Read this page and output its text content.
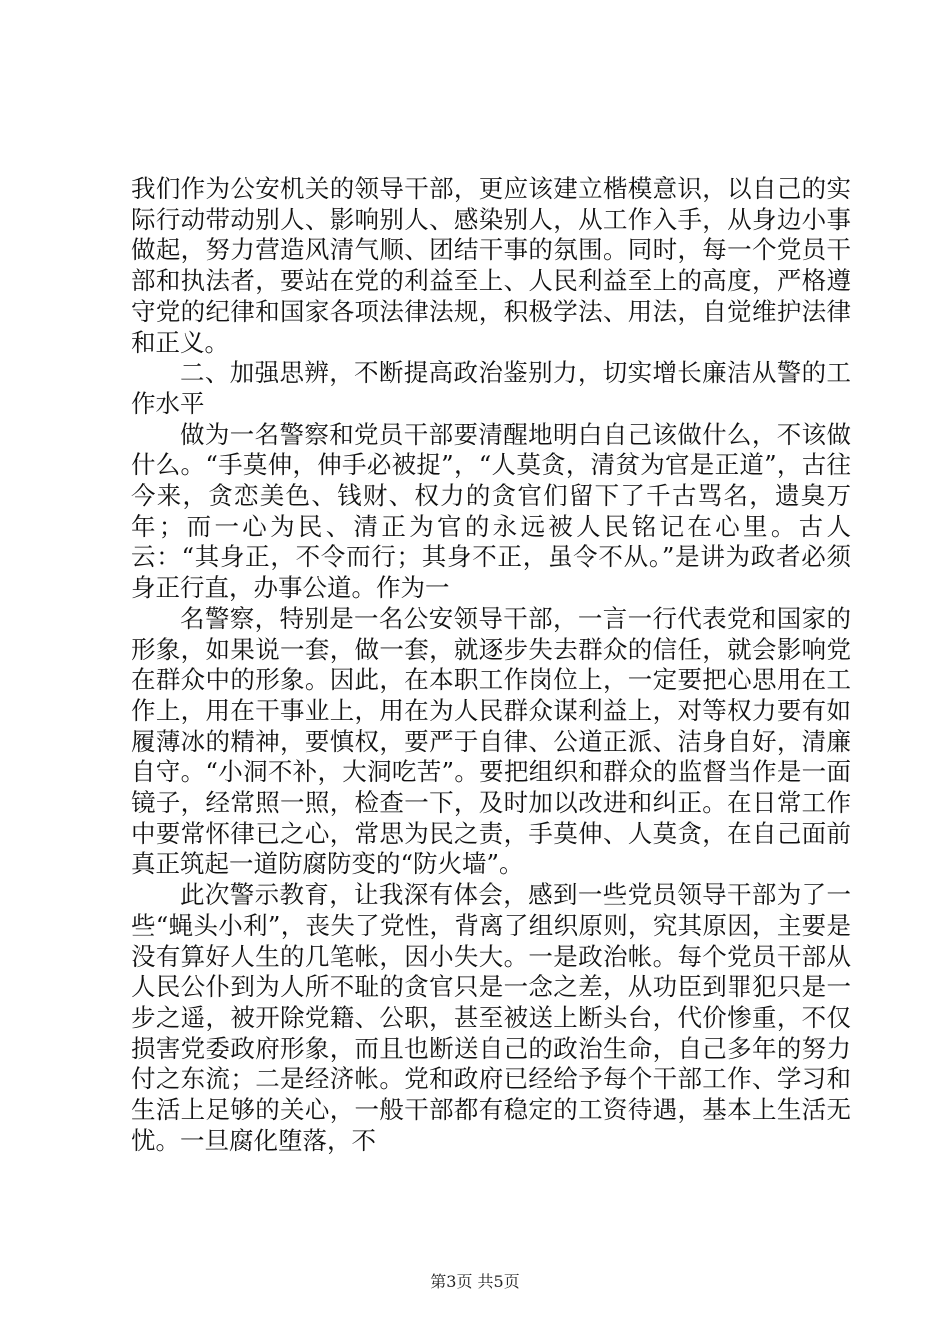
我们作为公安机关的领导干部，更应该建立楷模意识，以自己的实际行动带动别人、影响别人、感染别人，从工作入手，从身边小事做起，努力营造风清气顺、团结干事的氛围。同时，每一个党员干部和执法者，要站在党的利益至上、人民利益至上的高度，严格遵守党的纪律和国家各项法律法规，积极学法、用法，自觉维护法律和正义。

二、加强思辨，不断提高政治鉴别力，切实增长廉洁从警的工作水平

做为一名警察和党员干部要清醒地明白自己该做什么，不该做什么。“手莫伸，伸手必被捉”，“人莫贪，清贫为官是正道”，古往今来，贪恋美色、钱财、权力的贪官们留下了千古骂名，遗臭万年；而一心为民、清正为官的永远被人民铭记在心里。古人云：“其身正，不令而行；其身不正，虽令不从。”是讲为政者必须身正行直，办事公道。作为一

名警察，特别是一名公安领导干部，一言一行代表党和国家的形象，如果说一套，做一套，就逐步失去群众的信任，就会影响党在群众中的形象。因此，在本职工作岗位上，一定要把心思用在工作上，用在干事业上，用在为人民群众谋利益上，对等权力要有如履薄冰的精神，要慎权，要严于自律、公道正派、洁身自好，清廉自守。“小洞不补，大洞吃苦”。要把组织和群众的监督当作是一面镜子，经常照一照，检查一下，及时加以改进和纠正。在日常工作中要常怀律已之心，常思为民之责，手莫伸、人莫贪，在自己面前真正筑起一道防腐防变的“防火墙”。

此次警示教育，让我深有体会，感到一些党员领导干部为了一些“蝇头小利”，丧失了党性，背离了组织原则，究其原因，主要是没有算好人生的几笔帐，因小失大。一是政治帐。每个党员干部从人民公仆到为人所不耻的贪官只是一念之差，从功臣到罪犯只是一步之遥，被开除党籍、公职，甚至被送上断头台，代价惨重，不仅损害党委政府形象，而且也断送自己的政治生命，自己多年的努力付之东流；二是经济帐。党和政府已经给予每个干部工作、学习和生活上足够的关心，一般干部都有稳定的工资待遇，基本上生活无忧。一旦腐化堕落，不

第3页 共5页
